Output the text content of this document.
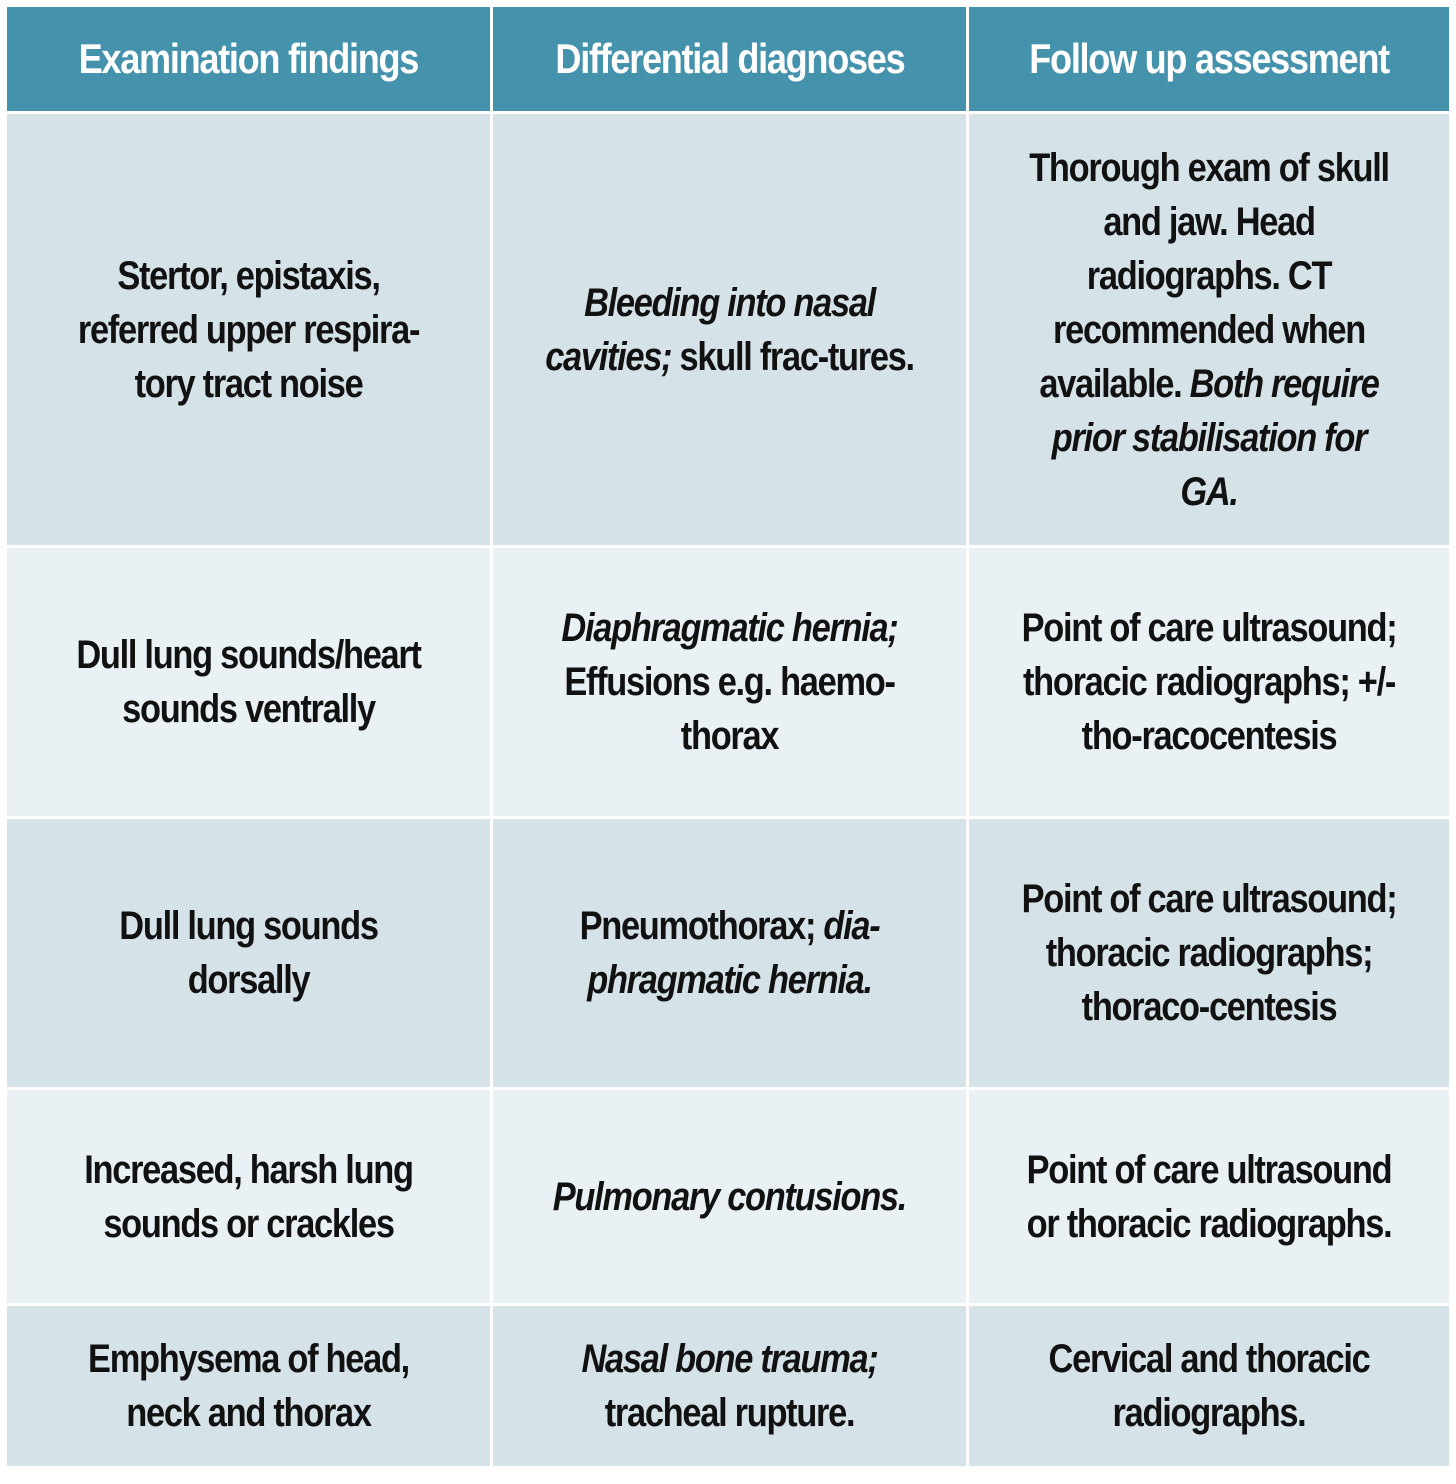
Examination findings	Differential diagnoses	Follow up assessment
Stertor, epistaxis, referred upper respira-tory tract noise
Bleeding into nasal cavities; skull frac-tures.
Thorough exam of skull and jaw. Head radiographs. CT recommended when available. Both require prior stabilisation for GA.
Dull lung sounds/heart sounds ventrally
Diaphragmatic hernia; Effusions e.g. haemo-thorax
Point of care ultrasound; thoracic radiographs; +/- tho-racocentesis
Dull lung sounds dorsally
Pneumothorax; dia-phragmatic hernia.
Point of care ultrasound; thoracic radiographs; thoraco-centesis
Increased, harsh lung sounds or crackles
Pulmonary contusions.
Point of care ultrasound or thoracic radiographs.
Emphysema of head, neck and thorax
Nasal bone trauma; tracheal rupture.
Cervical and thoracic radiographs.
